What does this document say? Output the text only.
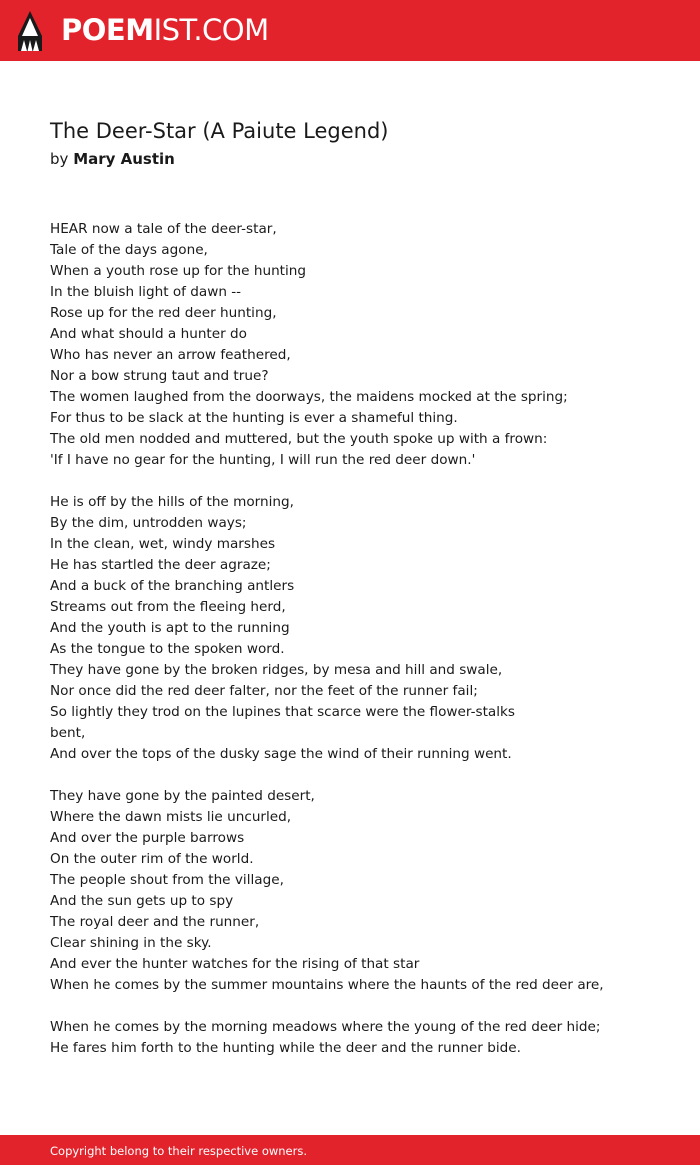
POEMIST.COM
The Deer-Star (A Paiute Legend)
by Mary Austin
HEAR now a tale of the deer-star,
Tale of the days agone,
When a youth rose up for the hunting
In the bluish light of dawn --
Rose up for the red deer hunting,
And what should a hunter do
Who has never an arrow feathered,
Nor a bow strung taut and true?
The women laughed from the doorways, the maidens mocked at the spring;
For thus to be slack at the hunting is ever a shameful thing.
The old men nodded and muttered, but the youth spoke up with a frown:
'If I have no gear for the hunting, I will run the red deer down.'
He is off by the hills of the morning,
By the dim, untrodden ways;
In the clean, wet, windy marshes
He has startled the deer agraze;
And a buck of the branching antlers
Streams out from the fleeing herd,
And the youth is apt to the running
As the tongue to the spoken word.
They have gone by the broken ridges, by mesa and hill and swale,
Nor once did the red deer falter, nor the feet of the runner fail;
So lightly they trod on the lupines that scarce were the flower-stalks
bent,
And over the tops of the dusky sage the wind of their running went.
They have gone by the painted desert,
Where the dawn mists lie uncurled,
And over the purple barrows
On the outer rim of the world.
The people shout from the village,
And the sun gets up to spy
The royal deer and the runner,
Clear shining in the sky.
And ever the hunter watches for the rising of that star
When he comes by the summer mountains where the haunts of the red deer are,
When he comes by the morning meadows where the young of the red deer hide;
He fares him forth to the hunting while the deer and the runner bide.
Copyright belong to their respective owners.
